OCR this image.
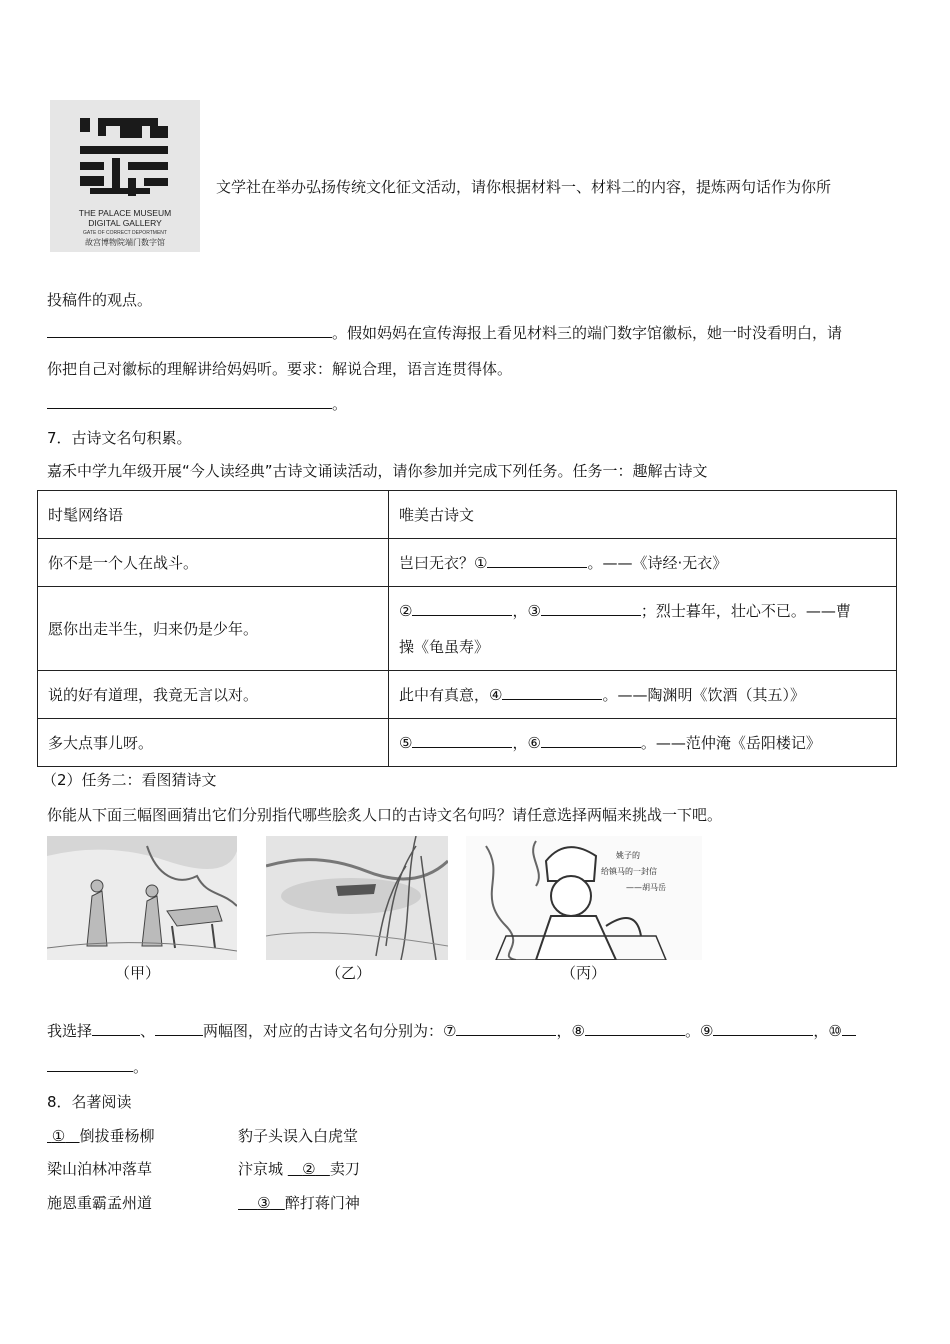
THE PALACE MUSEUM
DIGITAL GALLERY
GATE OF CORRECT DEPORTMENT
故宫博物院端门数字馆
文学社在举办弘扬传统文化征文活动，请你根据材料一、材料二的内容，提炼两句话作为你所
投稿件的观点。
。假如妈妈在宣传海报上看见材料三的端门数字馆徽标，她一时没看明白，请
你把自己对徽标的理解讲给妈妈听。要求：解说合理，语言连贯得体。
。
7．古诗文名句积累。
嘉禾中学九年级开展“今人读经典”古诗文诵读活动，请你参加并完成下列任务。任务一：趣解古诗文
时髦网络语	唯美古诗文
你不是一个人在战斗。	岂曰无衣？① 。——《诗经·无衣》
愿你出走半生，归来仍是少年。	② ，③ ；烈士暮年，壮心不已。——曹
操《龟虽寿》
说的好有道理，我竟无言以对。	此中有真意，④ 。——陶渊明《饮酒（其五）》
多大点事儿呀。	⑤ ，⑥ 。——范仲淹《岳阳楼记》
（2）任务二：看图猜诗文
你能从下面三幅图画猜出它们分别指代哪些脍炙人口的古诗文名句吗？请任意选择两幅来挑战一下吧。
（甲）	（乙）
姚子的
给镇马的一封信
——胡马岳
（丙）
我选择	、	两幅图，对应的古诗文名句分别为：⑦	，⑧	。⑨	，⑩
。
8．名著阅读
① 倒拔垂杨柳	豹子头误入白虎堂
梁山泊林冲落草	汴京城 ② 卖刀
施恩重霸孟州道	③ 醉打蒋门神
